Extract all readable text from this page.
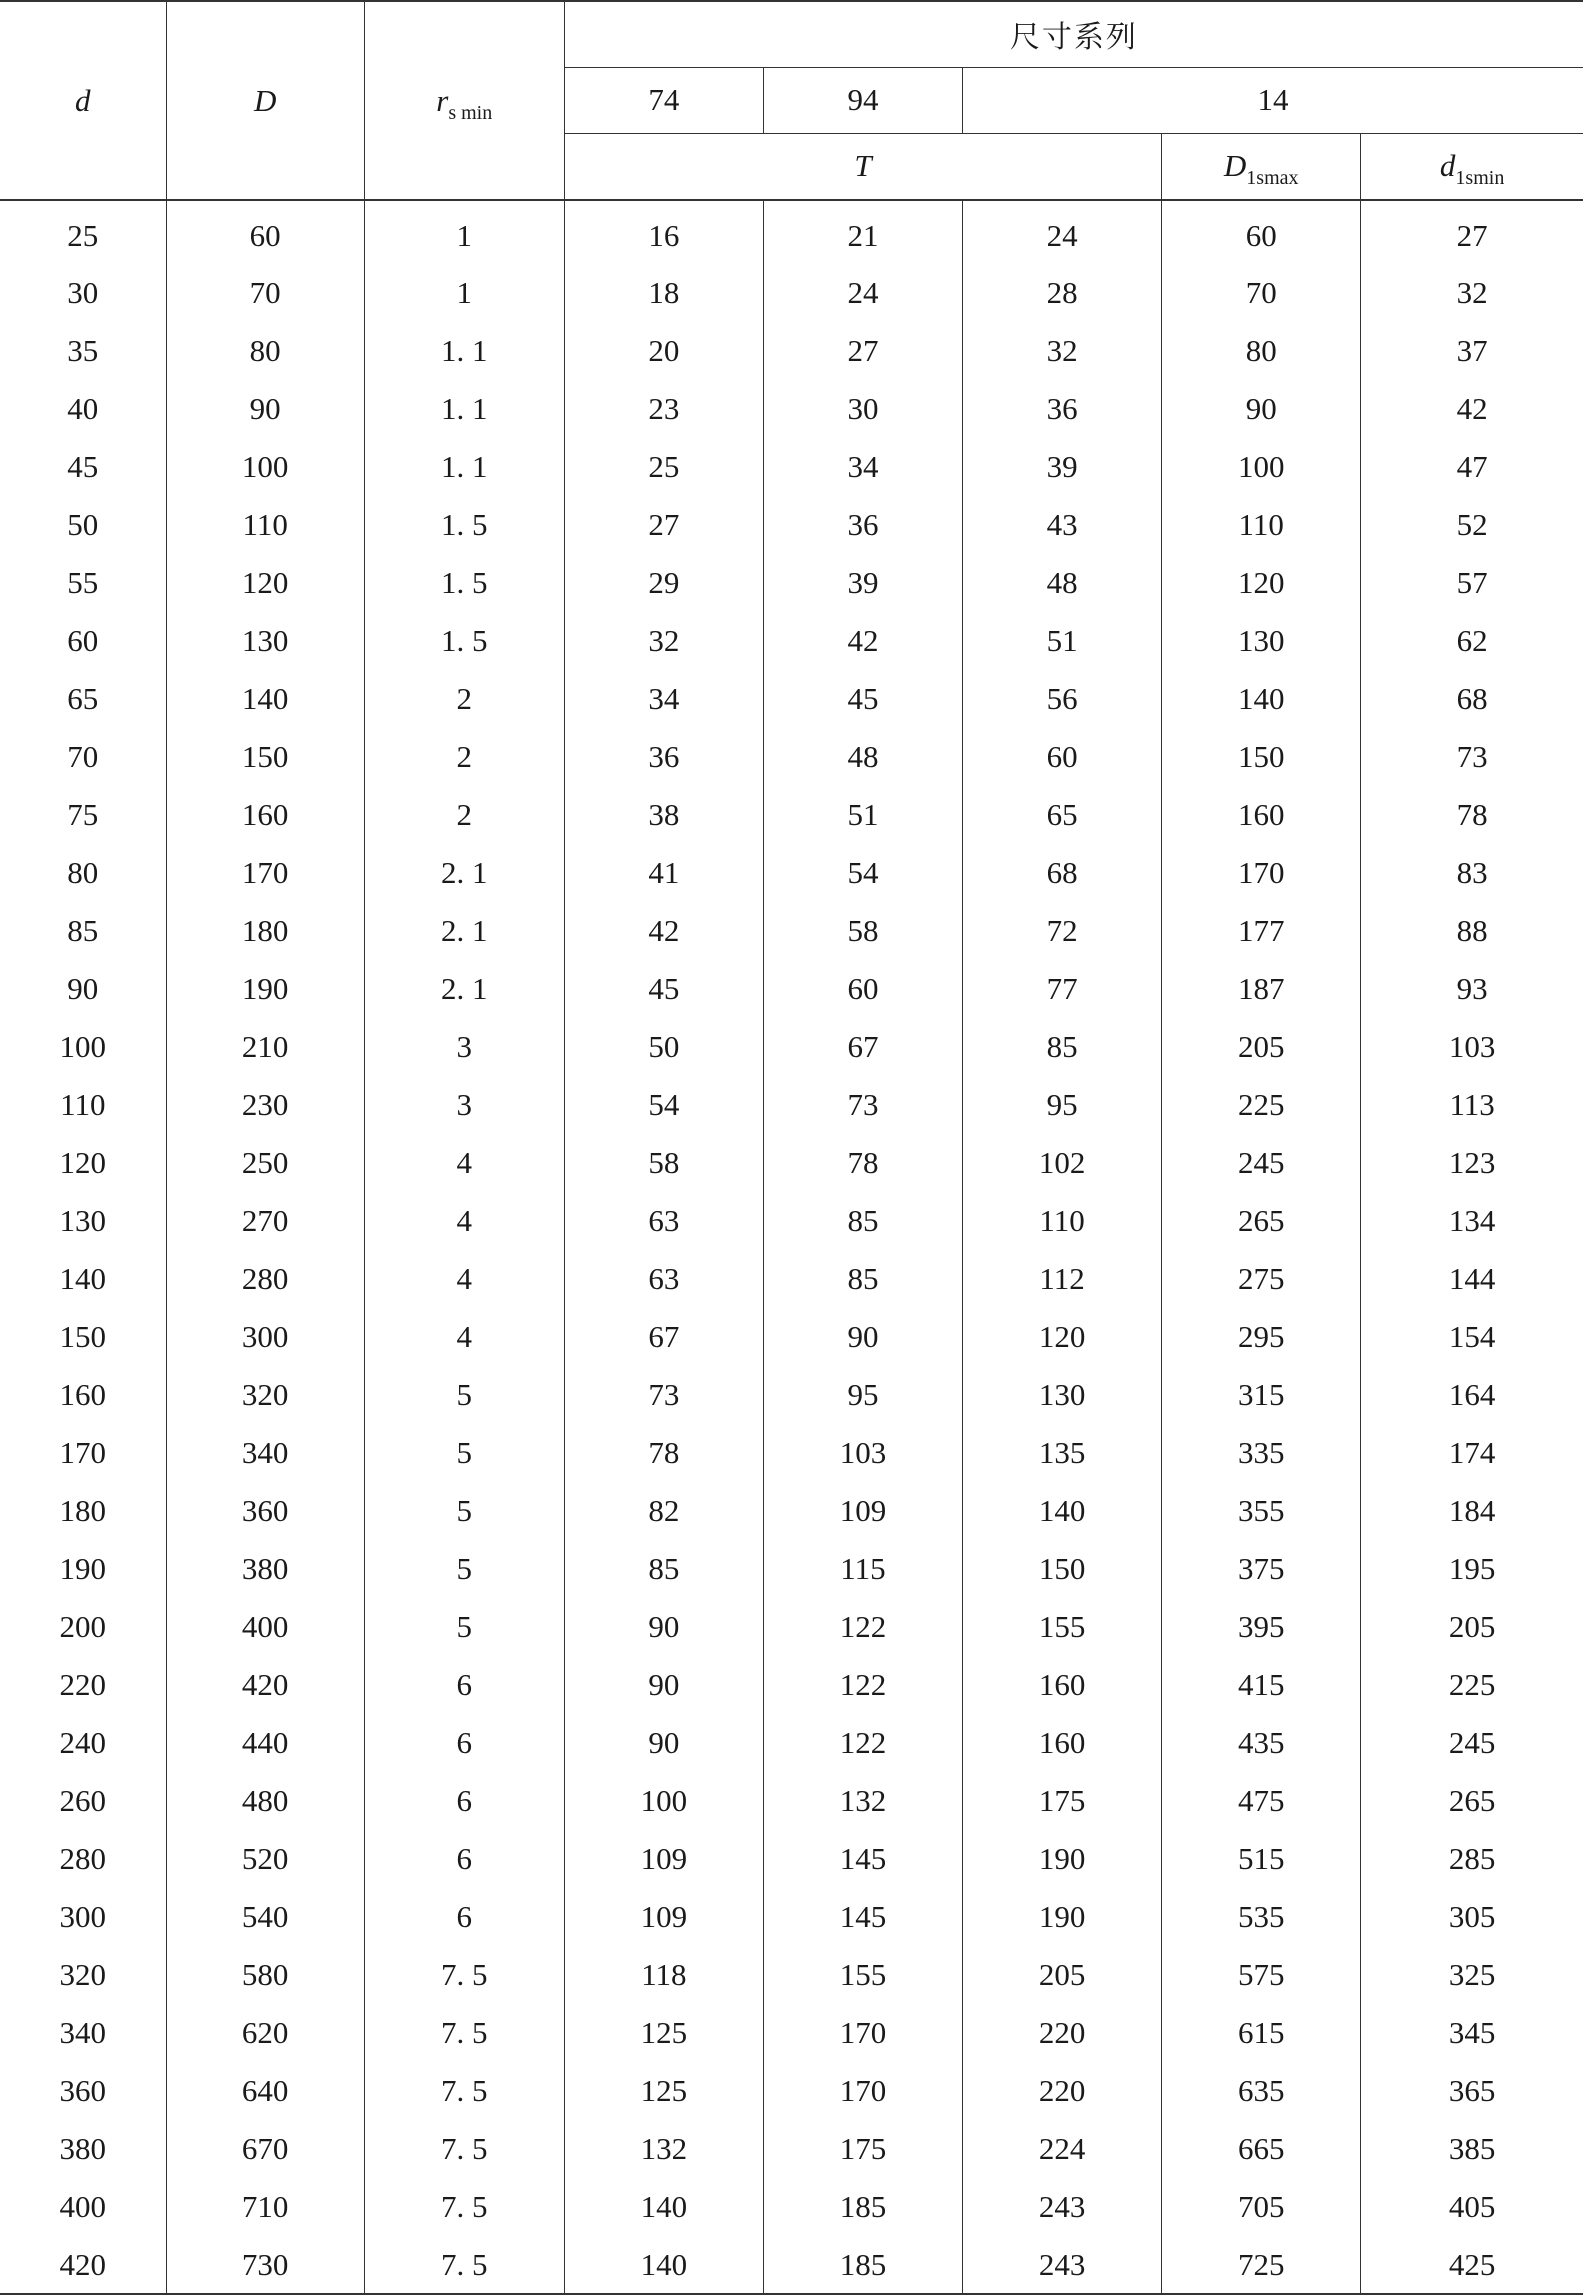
d	D	$r_{s min}$	尺寸系列				
			74	94	14		
			T			$D_{1smax}$	$d_{1smin}$
25	60	1	16	21	24	60	27
30	70	1	18	24	28	70	32
35	80	1. 1	20	27	32	80	37
40	90	1. 1	23	30	36	90	42
45	100	1. 1	25	34	39	100	47
50	110	1. 5	27	36	43	110	52
55	120	1. 5	29	39	48	120	57
60	130	1. 5	32	42	51	130	62
65	140	2	34	45	56	140	68
70	150	2	36	48	60	150	73
75	160	2	38	51	65	160	78
80	170	2. 1	41	54	68	170	83
85	180	2. 1	42	58	72	177	88
90	190	2. 1	45	60	77	187	93
100	210	3	50	67	85	205	103
110	230	3	54	73	95	225	113
120	250	4	58	78	102	245	123
130	270	4	63	85	110	265	134
140	280	4	63	85	112	275	144
150	300	4	67	90	120	295	154
160	320	5	73	95	130	315	164
170	340	5	78	103	135	335	174
180	360	5	82	109	140	355	184
190	380	5	85	115	150	375	195
200	400	5	90	122	155	395	205
220	420	6	90	122	160	415	225
240	440	6	90	122	160	435	245
260	480	6	100	132	175	475	265
280	520	6	109	145	190	515	285
300	540	6	109	145	190	535	305
320	580	7. 5	118	155	205	575	325
340	620	7. 5	125	170	220	615	345
360	640	7. 5	125	170	220	635	365
380	670	7. 5	132	175	224	665	385
400	710	7. 5	140	185	243	705	405
420	730	7. 5	140	185	243	725	425
